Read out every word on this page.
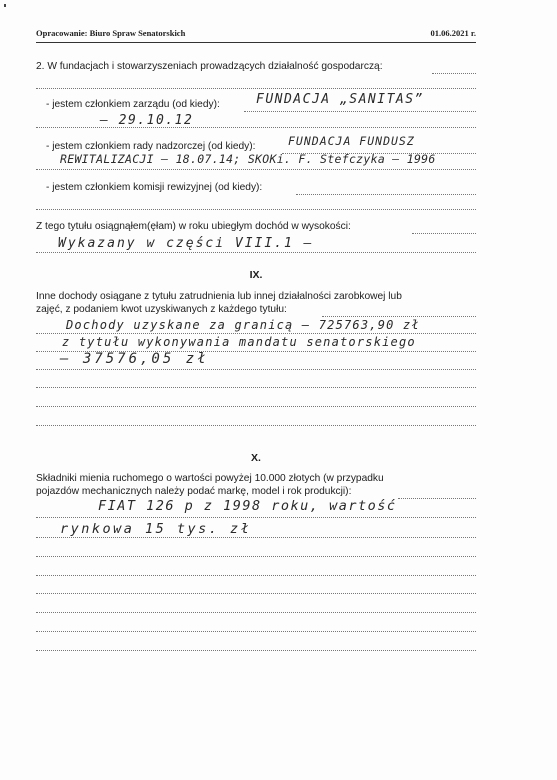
Opracowanie: Biuro Spraw Senatorskich	01.06.2021 r.
2. W fundacjach i stowarzyszeniach prowadzących działalność gospodarczą:
- jestem członkiem zarządu (od kiedy):	FUNDACJA „SANITAS”
– 29.10.12
- jestem członkiem rady nadzorczej (od kiedy):	FUNDACJA FUNDUSZ
REWITALIZACJI – 18.07.14; SKOKi. F. Stefczyka – 1996
- jestem członkiem komisji rewizyjnej (od kiedy):
Z tego tytułu osiągnąłem(ęłam) w roku ubiegłym dochód w wysokości:
Wykazany w części VIII.1 –
IX.
Inne dochody osiągane z tytułu zatrudnienia lub innej działalności zarobkowej lub
zajęć, z podaniem kwot uzyskiwanych z każdego tytułu:
Dochody uzyskane za granicą – 725763,90 zł
z tytułu wykonywania mandatu senatorskiego
– 37576,05 zł
X.
Składniki mienia ruchomego o wartości powyżej 10.000 złotych (w przypadku
pojazdów mechanicznych należy podać markę, model i rok produkcji):
FIAT 126 p z 1998 roku, wartość
rynkowa 15 tys. zł
